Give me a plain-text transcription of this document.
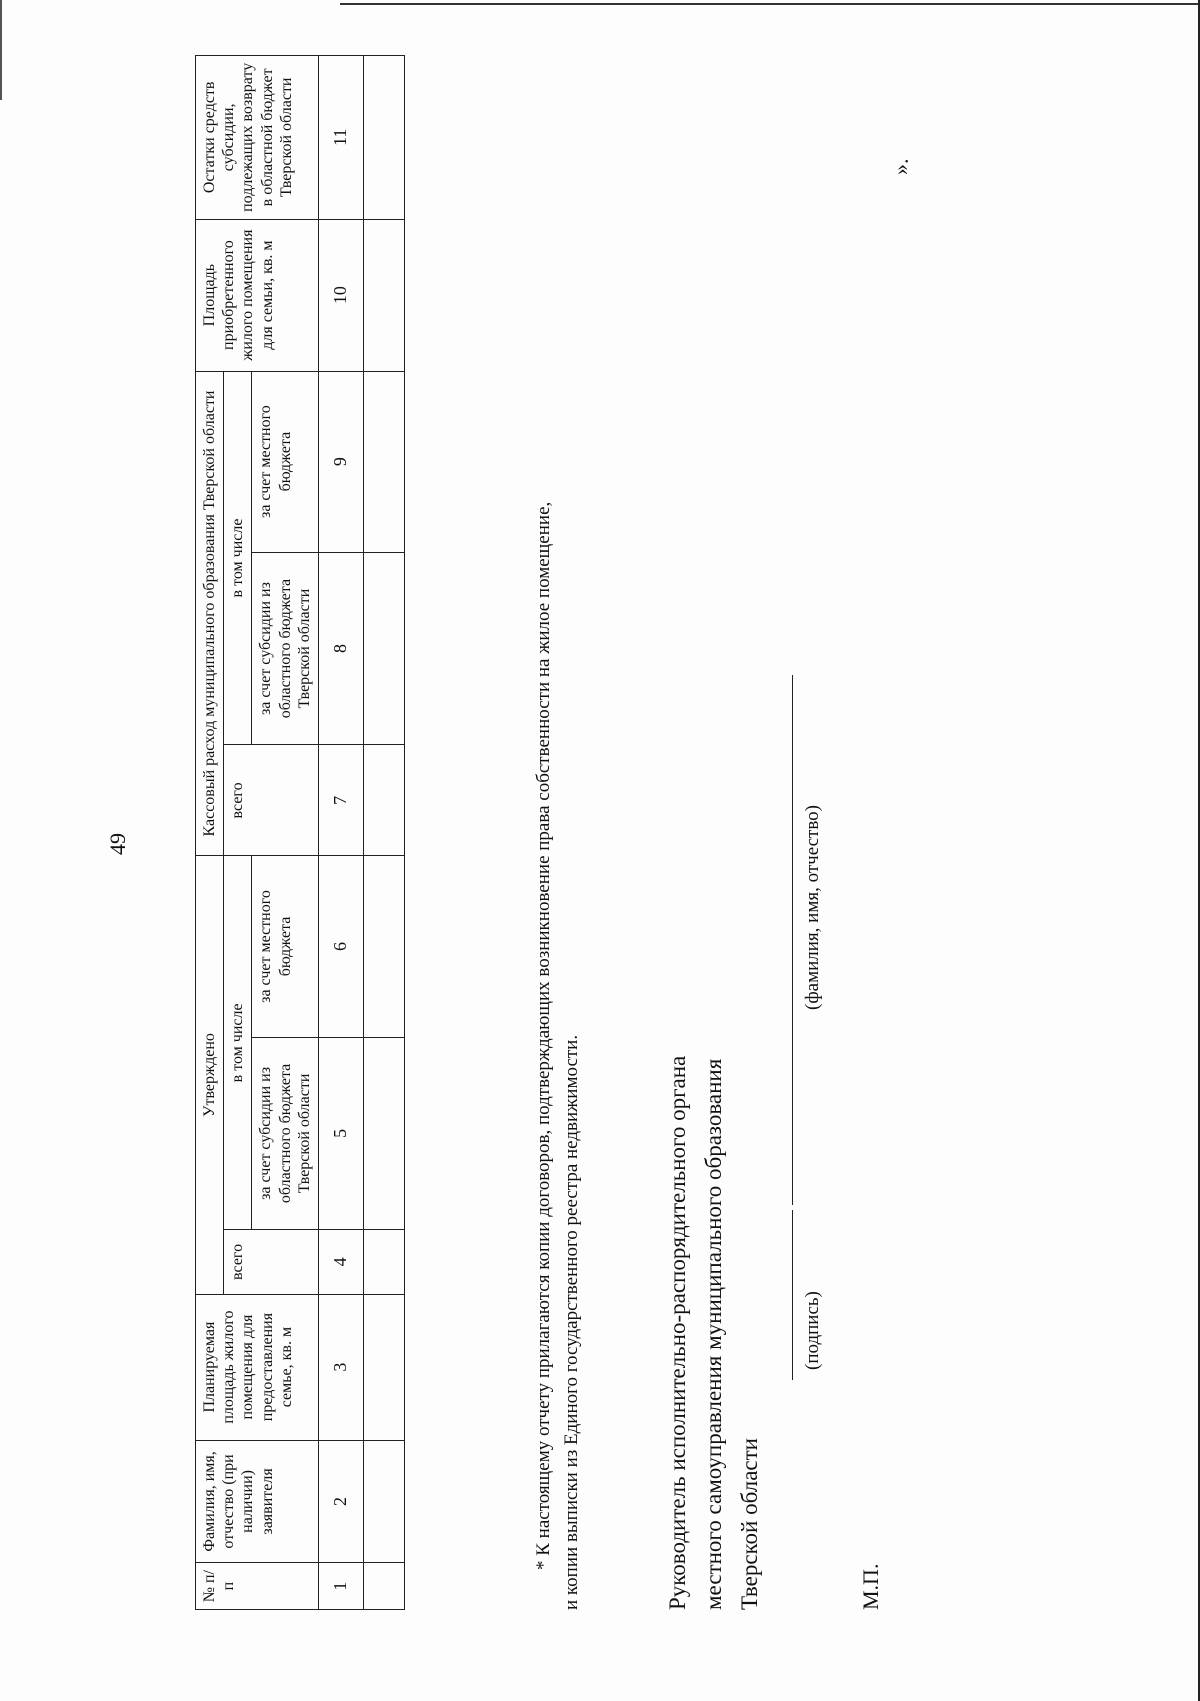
49
№ п/п	Фамилия, имя, отчество (при наличии) заявителя	Планируемая площадь жилого помещения для предоставления семье, кв. м	Утверждено			Кассовый расход муниципального образования Тверской области			Площадь приобретенного жилого помещения для семьи, кв. м	Остатки средств субсидии, подлежащих возврату в областной бюджет Тверской области
			всего	в том числе		всего	в том числе			
				за счет субсидии из областного бюджета Тверской области	за счет местного бюджета		за счет субсидии из областного бюджета Тверской области	за счет местного бюджета		
1	2	3	4	5	6	7	8	9	10	11

* К настоящему отчету прилагаются копии договоров, подтверждающих возникновение права собственности на жилое помещение, и копии выписки из Единого государственного реестра недвижимости.	Руководитель исполнительно-распорядительного органа местного самоуправления муниципального образования Тверской области
(подпись)
(фамилия, имя, отчество)
М.П.
».
